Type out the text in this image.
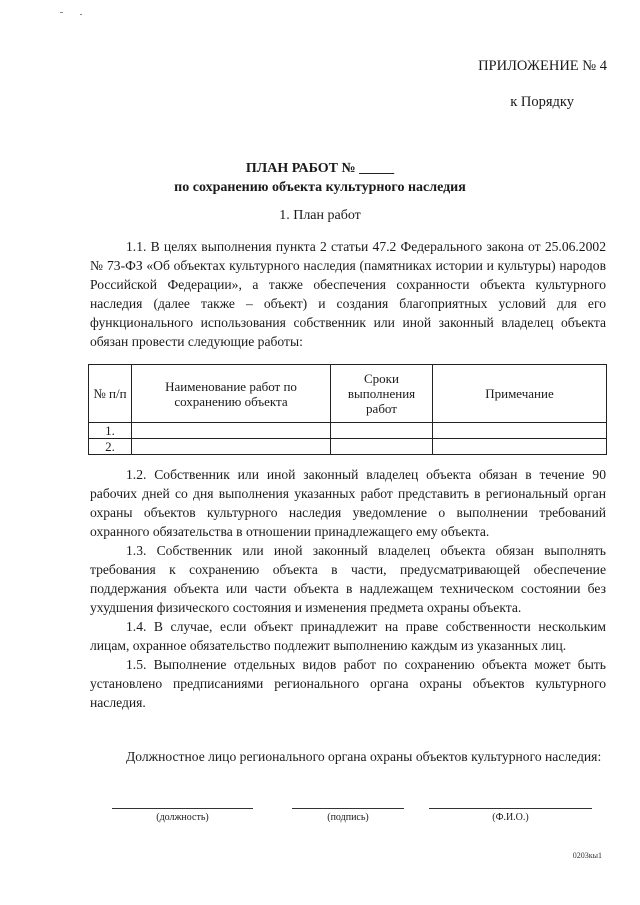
ПРИЛОЖЕНИЕ № 4
к Порядку
ПЛАН РАБОТ № _____
по сохранению объекта культурного наследия
1. План работ

1.1. В целях выполнения пункта 2 статьи 47.2 Федерального закона от 25.06.2002 № 73-ФЗ «Об объектах культурного наследия (памятниках истории и культуры) народов Российской Федерации», а также обеспечения сохранности объекта культурного наследия (далее также – объект) и создания благоприятных условий для его функционального использования собственник или иной законный владелец объекта обязан провести следующие работы:

№ п/п	Наименование работ по сохранению объекта	Сроки выполнения работ	Примечание
1.			
2.			

1.2. Собственник или иной законный владелец объекта обязан в течение 90 рабочих дней со дня выполнения указанных работ представить в региональный орган охраны объектов культурного наследия уведомление о выполнении требований охранного обязательства в отношении принадлежащего ему объекта.

1.3. Собственник или иной законный владелец объекта обязан выполнять требования к сохранению объекта в части, предусматривающей обеспечение поддержания объекта или части объекта в надлежащем техническом состоянии без ухудшения физического состояния и изменения предмета охраны объекта.

1.4. В случае, если объект принадлежит на праве собственности нескольким лицам, охранное обязательство подлежит выполнению каждым из указанных лиц.

1.5. Выполнение отдельных видов работ по сохранению объекта может быть установлено предписаниями регионального органа охраны объектов культурного наследия.

Должностное лицо регионального органа охраны объектов культурного наследия:

(должность)	(подпись)	(Ф.И.О.)
0203кы1
